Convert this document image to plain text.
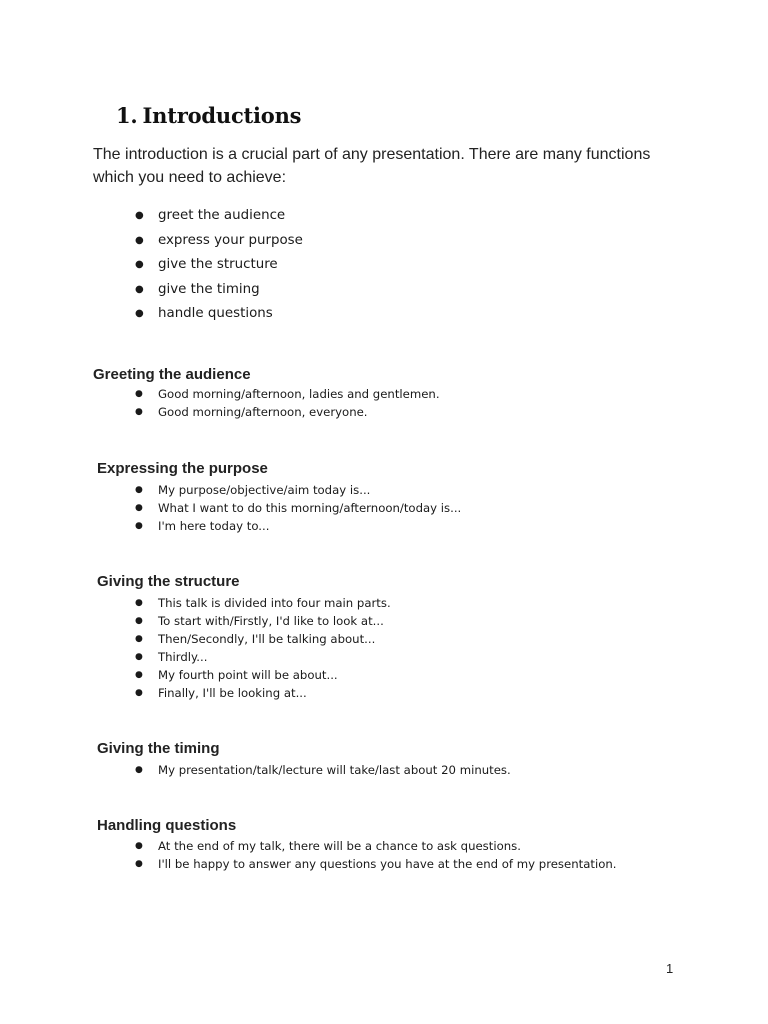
1. Introductions

The introduction is a crucial part of any presentation. There are many functions which you need to achieve:

● greet the audience
● express your purpose
● give the structure
● give the timing
● handle questions
Greeting the audience
● Good morning/afternoon, ladies and gentlemen.
● Good morning/afternoon, everyone.
Expressing the purpose
● My purpose/objective/aim today is...
● What I want to do this morning/afternoon/today is...
● I'm here today to...
Giving the structure
● This talk is divided into four main parts.
● To start with/Firstly, I'd like to look at...
● Then/Secondly, I'll be talking about...
● Thirdly...
● My fourth point will be about...
● Finally, I'll be looking at...
Giving the timing
● My presentation/talk/lecture will take/last about 20 minutes.
Handling questions
● At the end of my talk, there will be a chance to ask questions.
● I'll be happy to answer any questions you have at the end of my presentation.
1
